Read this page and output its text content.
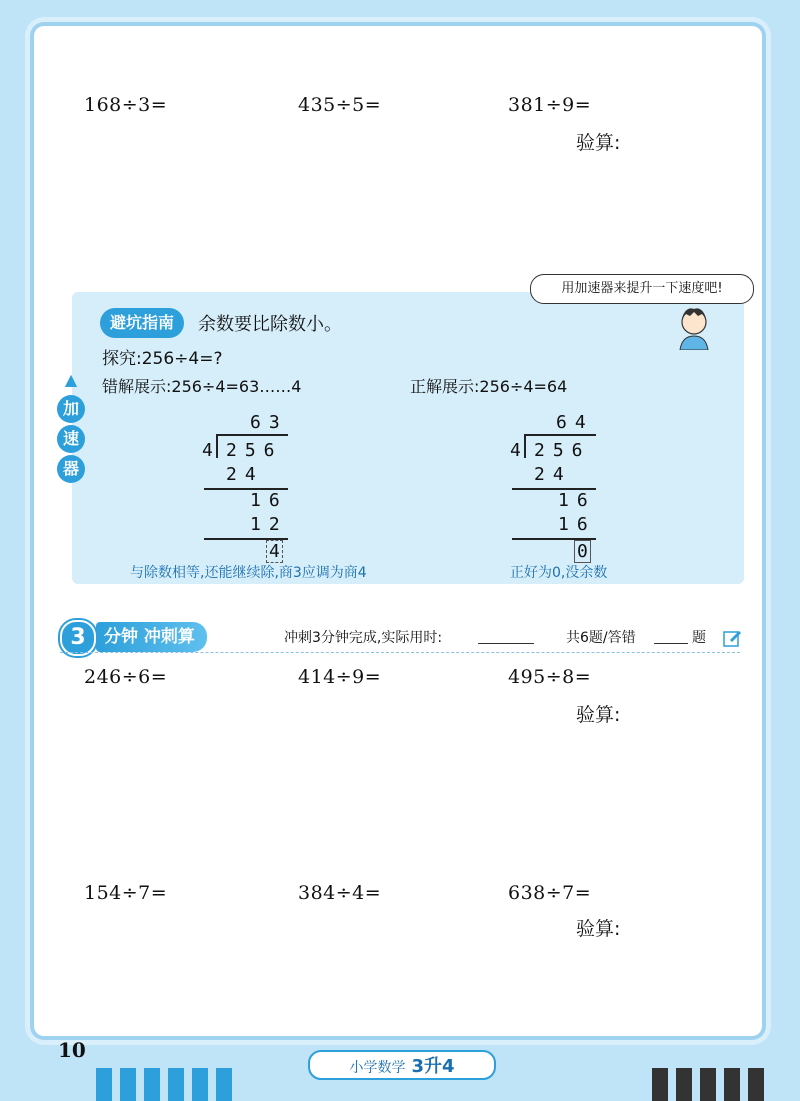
168÷3=	435÷5=	381÷9=
验算:
用加速器来提升一下速度吧!
避坑指南	余数要比除数小。
探究:256÷4=?
错解展示:256÷4=63……4	正解展示:256÷4=64
▲
加
速
器
63
4 256
24
16
12
4
64
4 256
24
16
16
0
与除数相等,还能继续除,商3应调为商4	正好为0,没余数
3	分钟 冲刺算	冲刺3分钟完成,实际用时:	共6题/答错	题
246÷6=	414÷9=	495÷8=
验算:
154÷7=	384÷4=	638÷7=
验算:
10
小学数学 3升4
